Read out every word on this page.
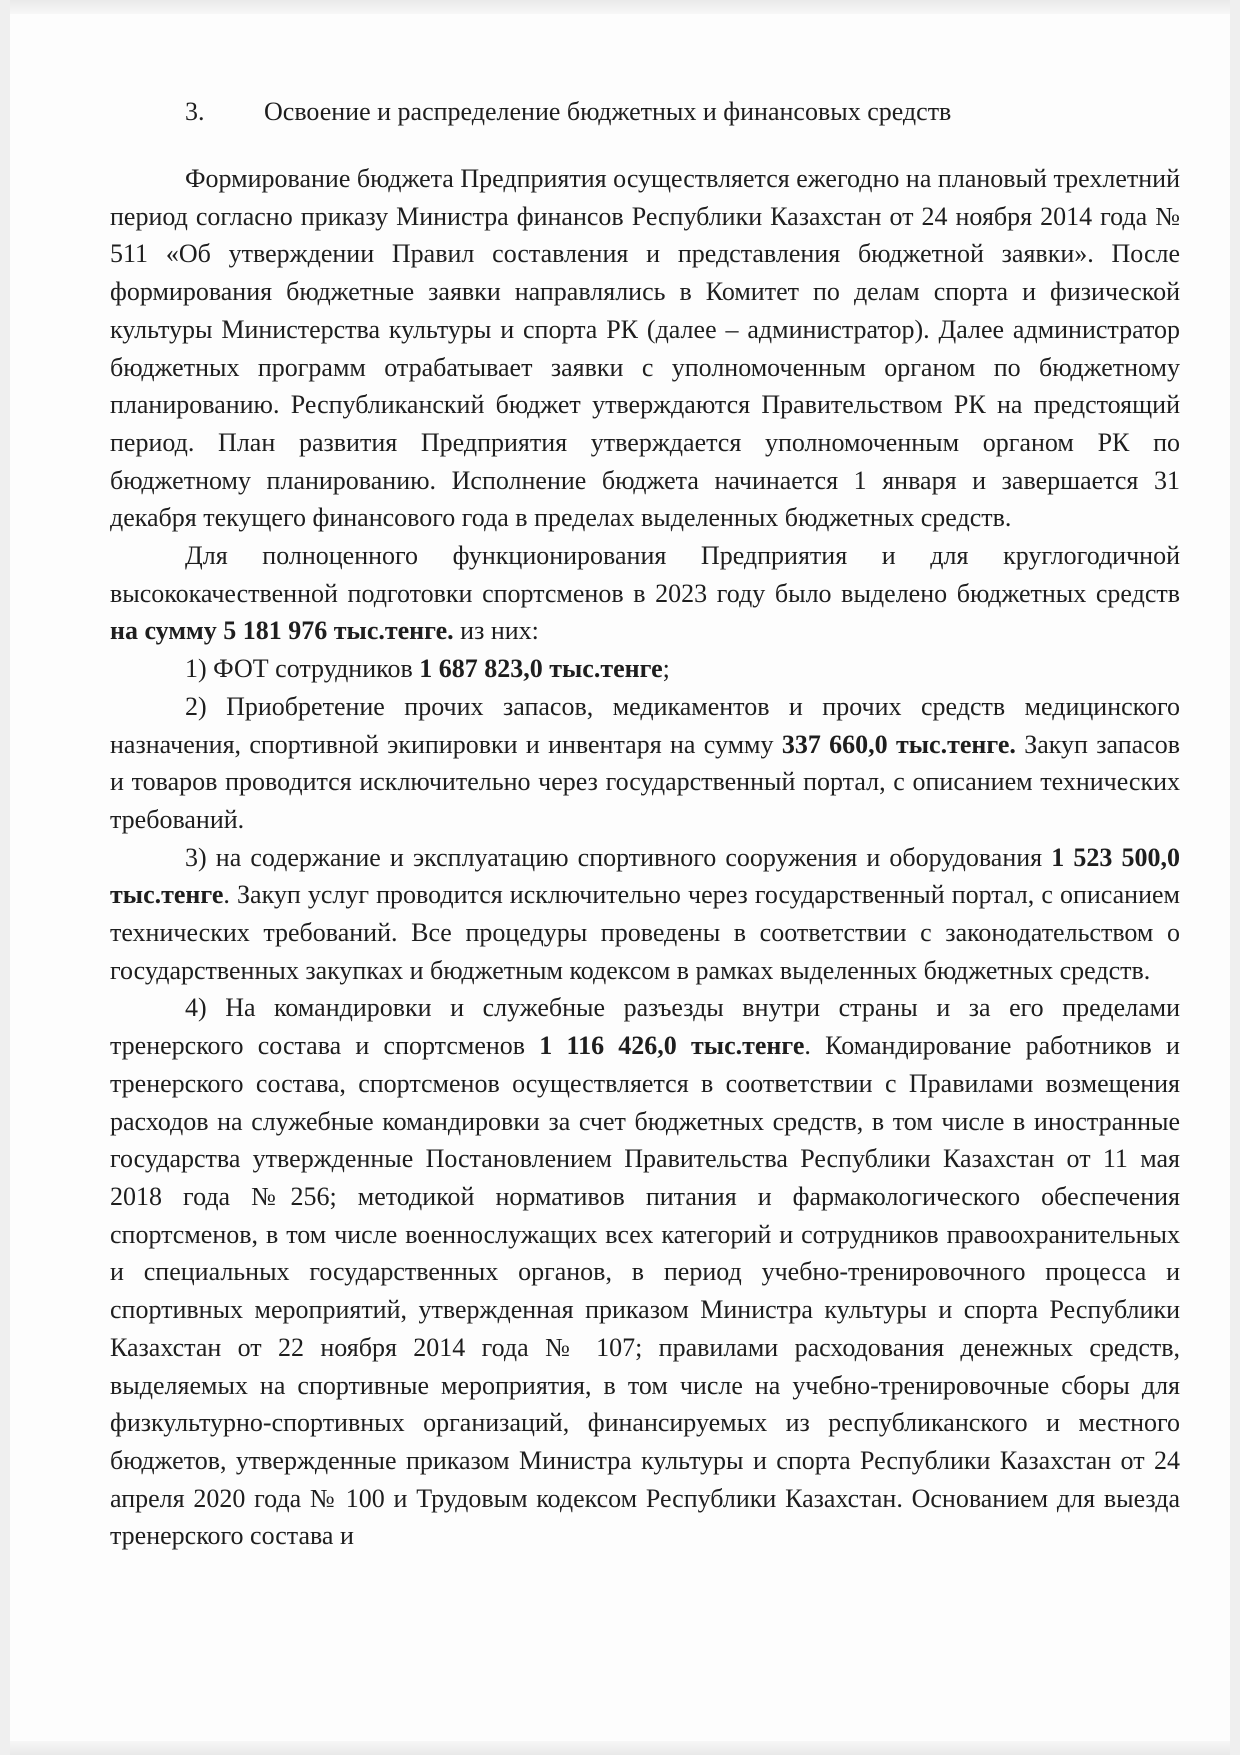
3.	Освоение и распределение бюджетных и финансовых средств

Формирование бюджета Предприятия осуществляется ежегодно на плановый трехлетний период согласно приказу Министра финансов Республики Казахстан от 24 ноября 2014 года № 511 «Об утверждении Правил составления и представления бюджетной заявки». После формирования бюджетные заявки направлялись в Комитет по делам спорта и физической культуры Министерства культуры и спорта РК (далее – администратор). Далее администратор бюджетных программ отрабатывает заявки с уполномоченным органом по бюджетному планированию. Республиканский бюджет утверждаются Правительством РК на предстоящий период. План развития Предприятия утверждается уполномоченным органом РК по бюджетному планированию. Исполнение бюджета начинается 1 января и завершается 31 декабря текущего финансового года в пределах выделенных бюджетных средств.

Для полноценного функционирования Предприятия и для круглогодичной высококачественной подготовки спортсменов в 2023 году было выделено бюджетных средств на сумму 5 181 976 тыс.тенге. из них:

1) ФОТ сотрудников 1 687 823,0 тыс.тенге;

2) Приобретение прочих запасов, медикаментов и прочих средств медицинского назначения, спортивной экипировки и инвентаря на сумму 337 660,0 тыс.тенге. Закуп запасов и товаров проводится исключительно через государственный портал, с описанием технических требований.

3) на содержание и эксплуатацию спортивного сооружения и оборудования 1 523 500,0 тыс.тенге. Закуп услуг проводится исключительно через государственный портал, с описанием технических требований. Все процедуры проведены в соответствии с законодательством о государственных закупках и бюджетным кодексом в рамках выделенных бюджетных средств.

4) На командировки и служебные разъезды внутри страны и за его пределами тренерского состава и спортсменов 1 116 426,0 тыс.тенге. Командирование работников и тренерского состава, спортсменов осуществляется в соответствии с Правилами возмещения расходов на служебные командировки за счет бюджетных средств, в том числе в иностранные государства утвержденные Постановлением Правительства Республики Казахстан от 11 мая 2018 года №256; методикой нормативов питания и фармакологического обеспечения спортсменов, в том числе военнослужащих всех категорий и сотрудников правоохранительных и специальных государственных органов, в период учебно-тренировочного процесса и спортивных мероприятий, утвержденная приказом Министра культуры и спорта Республики Казахстан от 22 ноября 2014 года № 107; правилами расходования денежных средств, выделяемых на спортивные мероприятия, в том числе на учебно-тренировочные сборы для физкультурно-спортивных организаций, финансируемых из республиканского и местного бюджетов, утвержденные приказом Министра культуры и спорта Республики Казахстан от 24 апреля 2020 года № 100 и Трудовым кодексом Республики Казахстан. Основанием для выезда тренерского состава и
